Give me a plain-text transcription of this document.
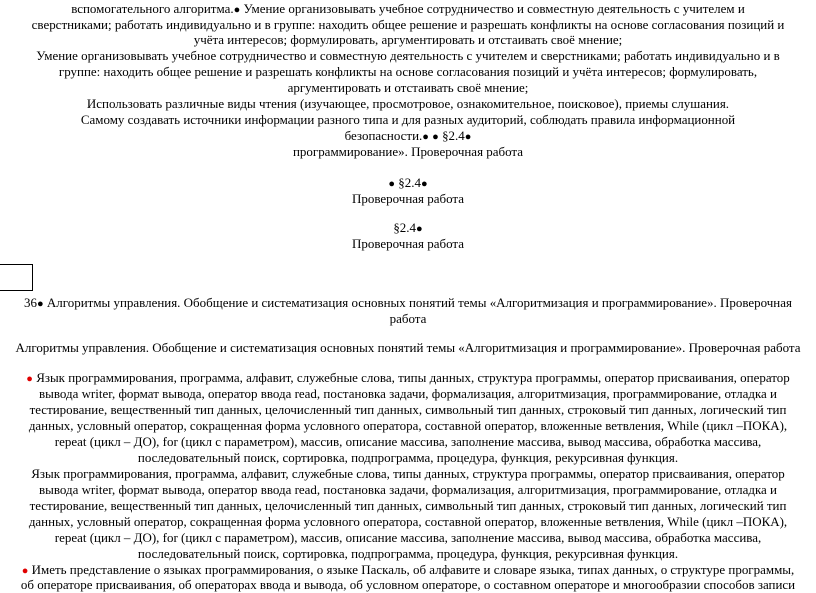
вспомогательного алгоритма.● Умение организовывать учебное сотрудничество и совместную деятельность с учителем и
сверстниками; работать индивидуально и в группе: находить общее решение и разрешать конфликты на основе согласования позиций и
учёта интересов; формулировать, аргументировать и отстаивать своё мнение;
Умение организовывать учебное сотрудничество и совместную деятельность с учителем и сверстниками; работать индивидуально и в
группе: находить общее решение и разрешать конфликты на основе согласования позиций и учёта интересов; формулировать,
аргументировать и отстаивать своё мнение;
Использовать различные виды чтения (изучающее, просмотровое, ознакомительное, поисковое), приемы слушания.
Самому создавать источники информации разного типа и для разных аудиторий, соблюдать правила информационной
безопасности.● ● §2.4●
программирование». Проверочная работа
● §2.4●
Проверочная работа
§2.4●
Проверочная работа
36● Алгоритмы управления. Обобщение и систематизация основных понятий темы «Алгоритмизация и программирование». Проверочная
работа
Алгоритмы управления. Обобщение и систематизация основных понятий темы «Алгоритмизация и программирование». Проверочная работа
● Язык программирования, программа, алфавит, служебные слова, типы данных, структура программы, оператор присваивания, оператор
вывода writer, формат вывода, оператор ввода read, постановка задачи, формализация, алгоритмизация, программирование, отладка и
тестирование, вещественный тип данных, целочисленный тип данных, символьный тип данных, строковый тип данных, логический тип
данных, условный оператор, сокращенная форма условного оператора, составной оператор, вложенные ветвления, While (цикл –ПОКА),
repeat (цикл – ДО), for (цикл с параметром), массив, описание массива, заполнение массива, вывод массива, обработка массива,
последовательный поиск, сортировка, подпрограмма, процедура, функция, рекурсивная функция.
Язык программирования, программа, алфавит, служебные слова, типы данных, структура программы, оператор присваивания, оператор
вывода writer, формат вывода, оператор ввода read, постановка задачи, формализация, алгоритмизация, программирование, отладка и
тестирование, вещественный тип данных, целочисленный тип данных, символьный тип данных, строковый тип данных, логический тип
данных, условный оператор, сокращенная форма условного оператора, составной оператор, вложенные ветвления, While (цикл –ПОКА),
repeat (цикл – ДО), for (цикл с параметром), массив, описание массива, заполнение массива, вывод массива, обработка массива,
последовательный поиск, сортировка, подпрограмма, процедура, функция, рекурсивная функция.
● Иметь представление о языках программирования, о языке Паскаль, об алфавите и словаре языка, типах данных, о структуре программы,
об операторе присваивания, об операторах ввода и вывода, об условном операторе, о составном операторе и многообразии способов записи
